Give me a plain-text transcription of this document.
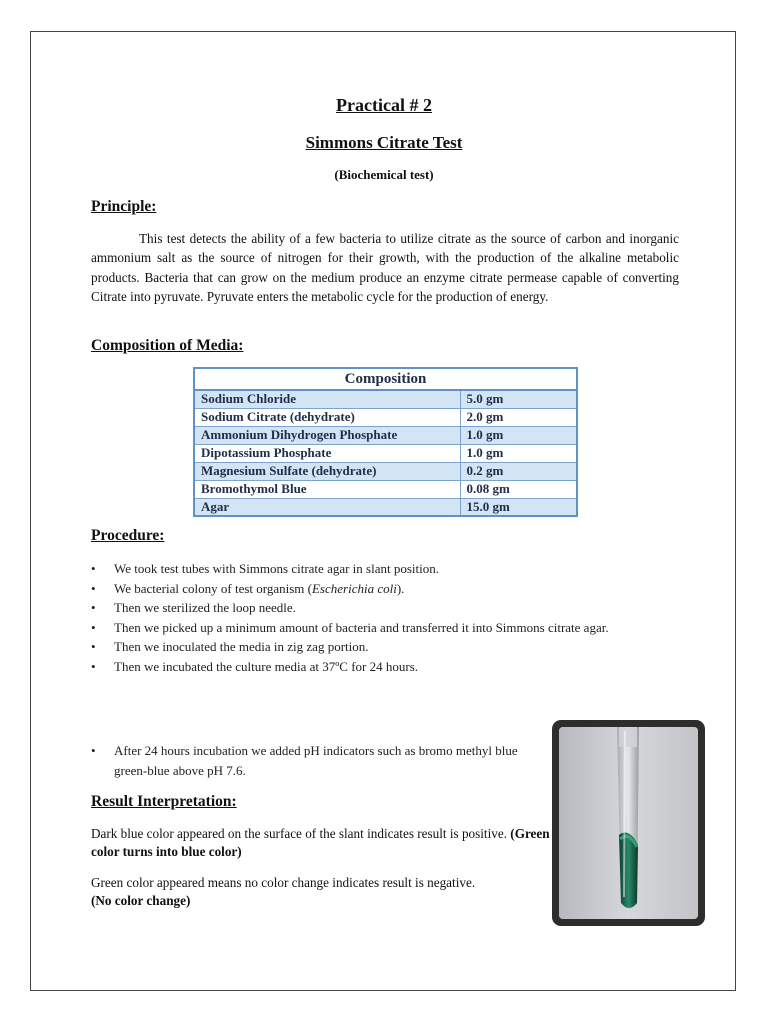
Practical # 2
Simmons Citrate Test
(Biochemical test)
Principle:
This test detects the ability of a few bacteria to utilize citrate as the source of carbon and inorganic ammonium salt as the source of nitrogen for their growth, with the production of the alkaline metabolic products. Bacteria that can grow on the medium produce an enzyme citrate permease capable of converting Citrate into pyruvate. Pyruvate enters the metabolic cycle for the production of energy.
Composition of Media:
Composition	
Sodium Chloride	5.0 gm
Sodium Citrate (dehydrate)	2.0 gm
Ammonium Dihydrogen Phosphate	1.0 gm
Dipotassium Phosphate	1.0 gm
Magnesium Sulfate (dehydrate)	0.2 gm
Bromothymol Blue	0.08 gm
Agar	15.0 gm
Procedure:
• We took test tubes with Simmons citrate agar in slant position.
• We bacterial colony of test organism (Escherichia coli).
• Then we sterilized the loop needle.
• Then we picked up a minimum amount of bacteria and transferred it into Simmons citrate agar.
• Then we inoculated the media in zig zag portion.
• Then we incubated the culture media at 37ºC for 24 hours.
• After 24 hours incubation we added pH indicators such as bromo methyl blue green-blue above pH 7.6.
Result Interpretation:
Dark blue color appeared on the surface of the slant indicates result is positive. (Green color turns into blue color)
Green color appeared means no color change indicates result is negative.
(No color change)
